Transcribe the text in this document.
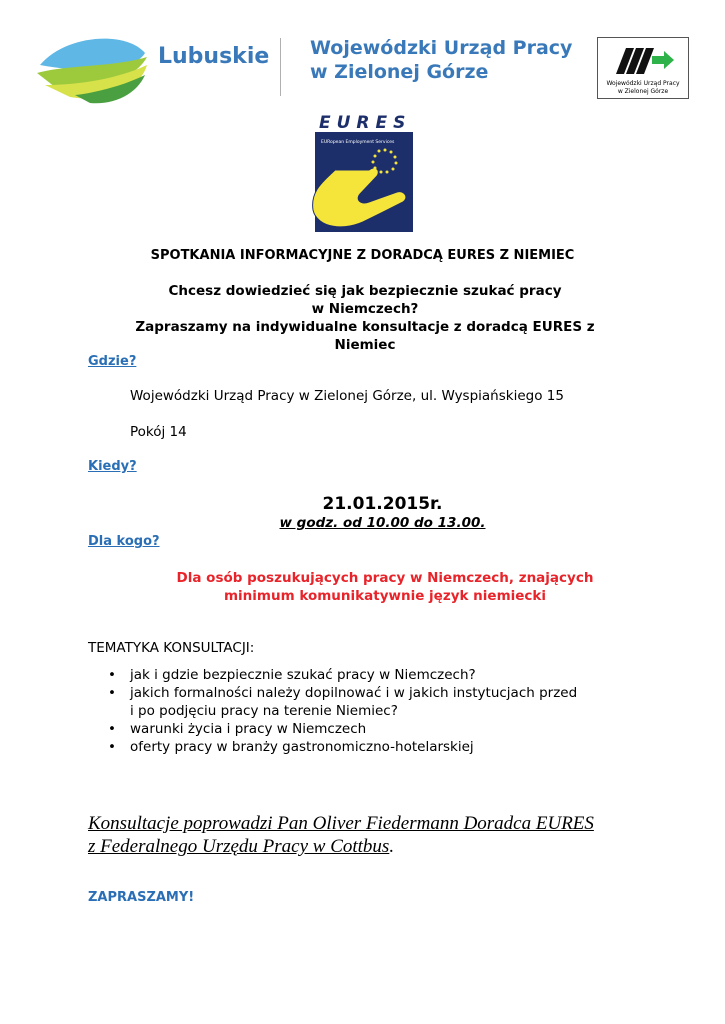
Lubuskie Wojewódzki Urząd Pracy
w Zielonej Górze
Wojewódzki Urząd Pracy
w Zielonej Górze
EURES
EURopean Employment Services
SPOTKANIA INFORMACYJNE Z DORADCĄ EURES Z NIEMIEC
Chcesz dowiedzieć się jak bezpiecznie szukać pracy
w Niemczech?
Zapraszamy na indywidualne konsultacje z doradcą EURES z
Niemiec
Gdzie?
Wojewódzki Urząd Pracy w Zielonej Górze, ul. Wyspiańskiego 15
Pokój 14
Kiedy?
21.01.2015r.
w godz. od 10.00 do 13.00.
Dla kogo?
Dla osób poszukujących pracy w Niemczech, znających
minimum komunikatywnie język niemiecki
TEMATYKA KONSULTACJI:
• jak i gdzie bezpiecznie szukać pracy w Niemczech?
• jakich formalności należy dopilnować i w jakich instytucjach przed
i po podjęciu pracy na terenie Niemiec?
• warunki życia i pracy w Niemczech
• oferty pracy w branży gastronomiczno-hotelarskiej
Konsultacje poprowadzi Pan Oliver Fiedermann Doradca EURES
z Federalnego Urzędu Pracy w Cottbus.
ZAPRASZAMY!
